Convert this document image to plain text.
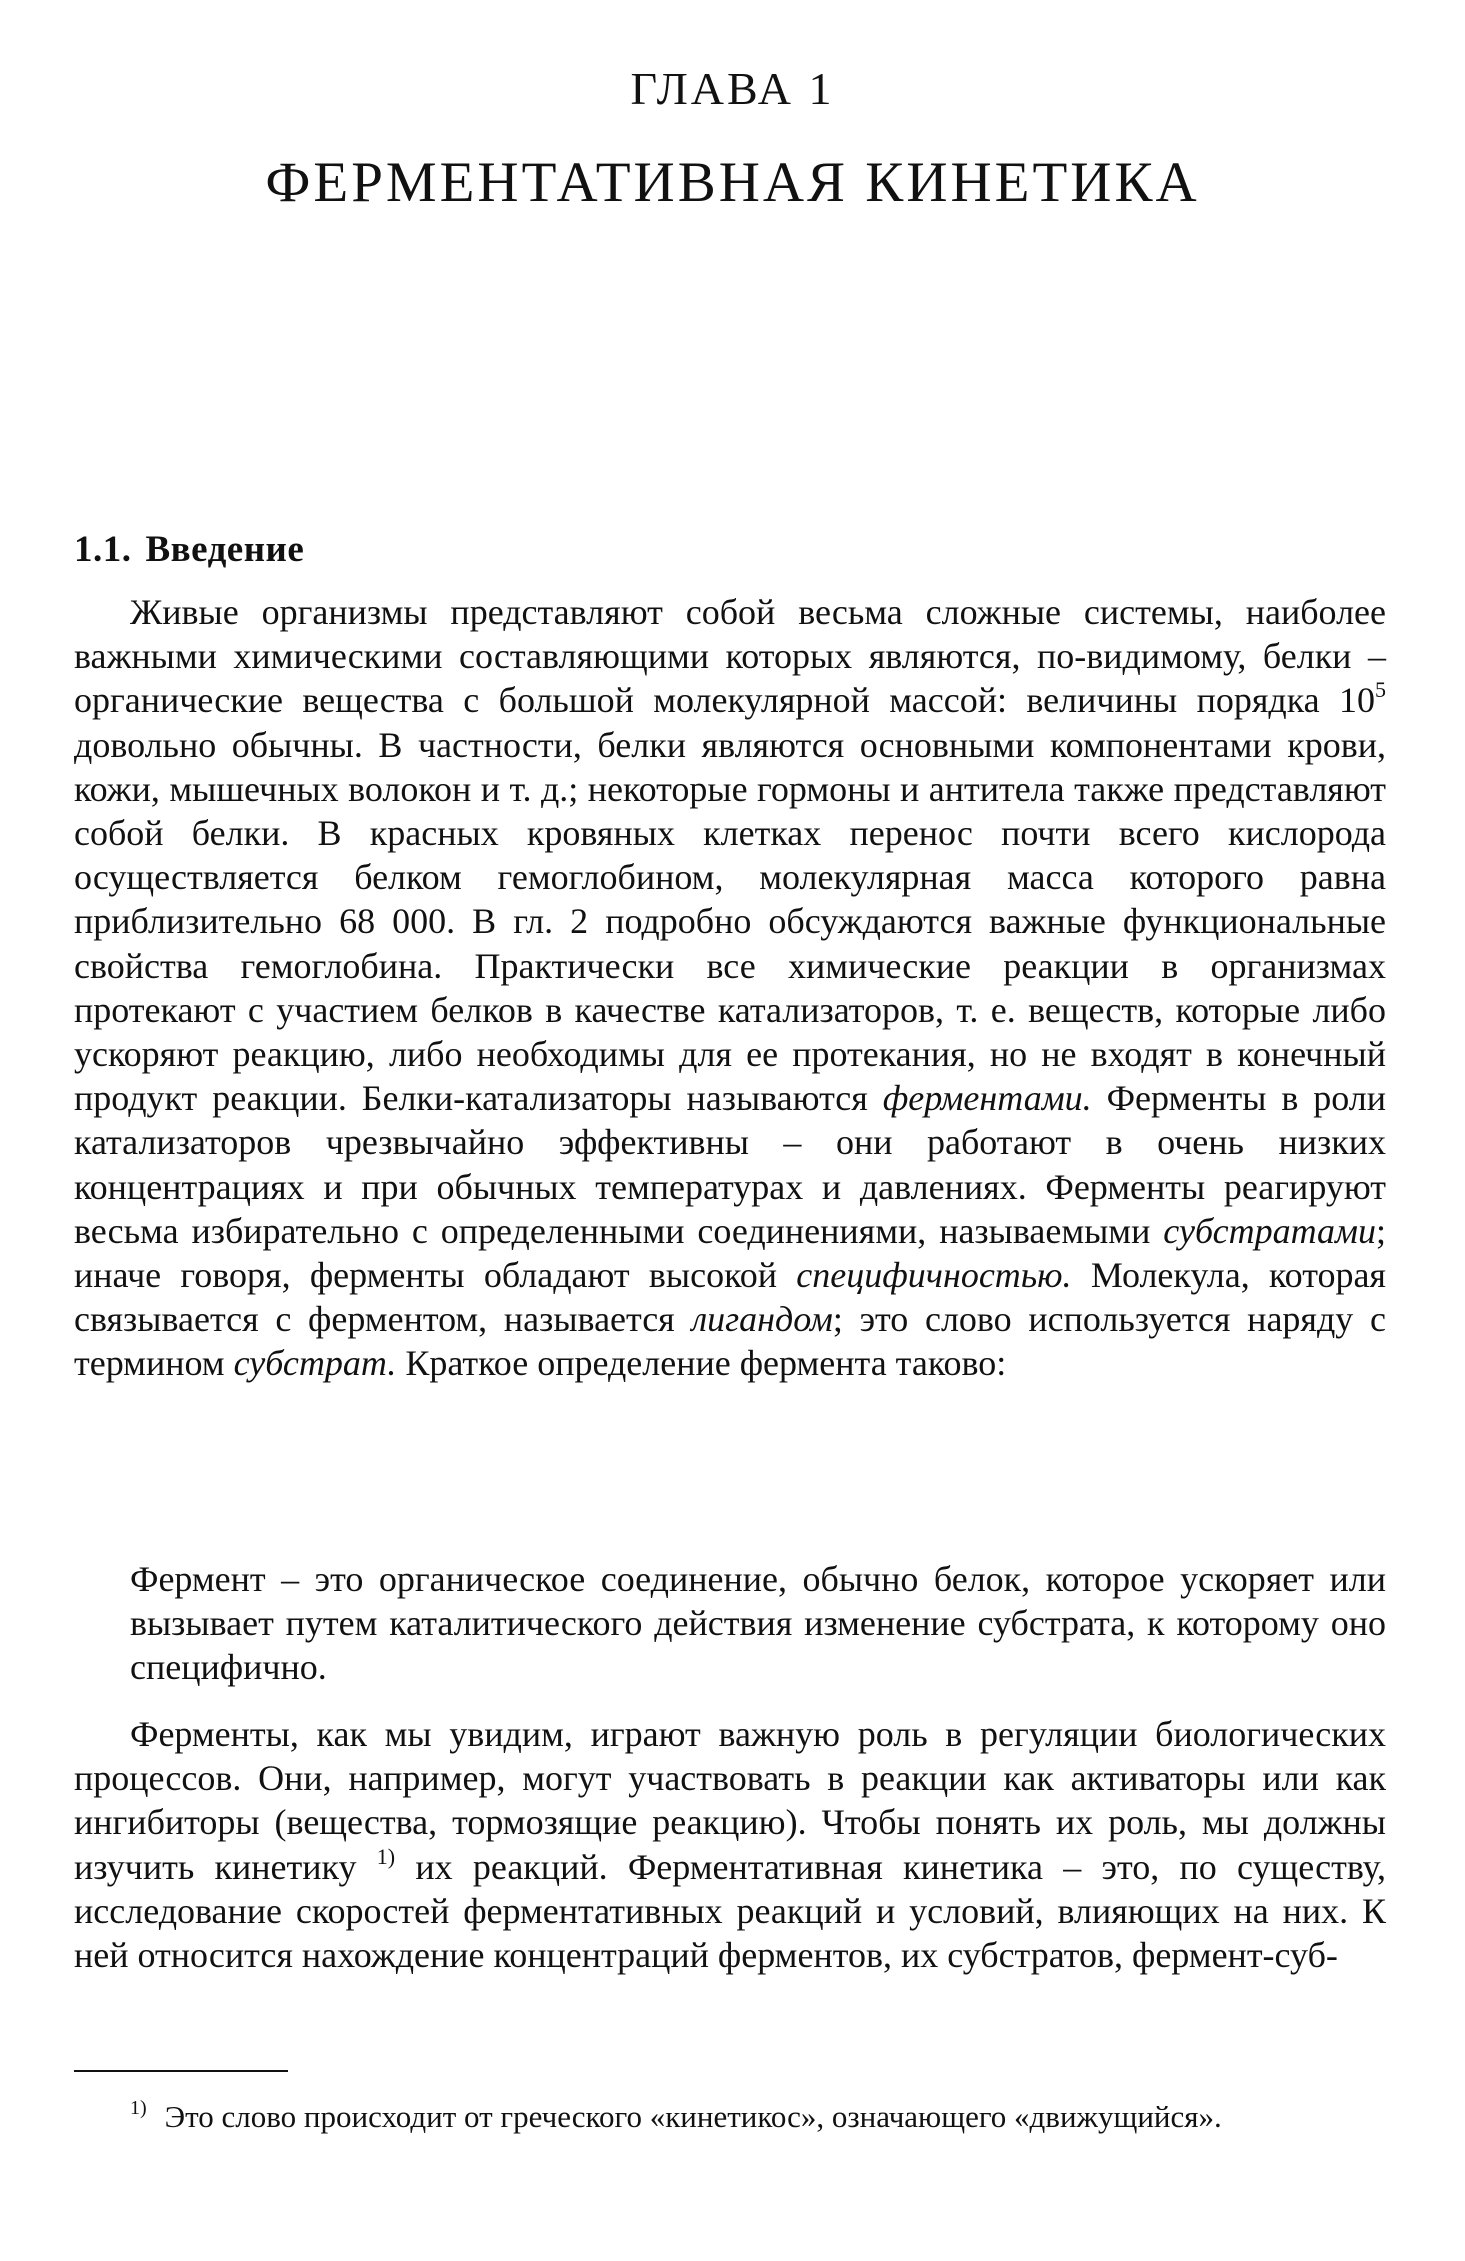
ГЛАВА 1
ФЕРМЕНТАТИВНАЯ КИНЕТИКА
1.1. Введение
Живые организмы представляют собой весьма сложные системы, наиболее важными химическими составляющими которых являются, по-видимому, белки – органические вещества с большой молекулярной массой: величины порядка $10^5$ довольно обычны. В частности, белки являются основными компонентами крови, кожи, мышечных волокон и т. д.; некоторые гормоны и антитела также представляют собой белки. В красных кровяных клетках перенос почти всего кислорода осуществляется белком гемоглобином, молекулярная масса которого равна приблизительно 68 000. В гл. 2 подробно обсуждаются важные функциональные свойства гемоглобина. Практически все химические реакции в организмах протекают с участием белков в качестве катализаторов, т. е. веществ, которые либо ускоряют реакцию, либо необходимы для ее протекания, но не входят в конечный продукт реакции. Белки-катализаторы называются ферментами. Ферменты в роли катализаторов чрезвычайно эффективны – они работают в очень низких концентрациях и при обычных температурах и давлениях. Ферменты реагируют весьма избирательно с определенными соединениями, называемыми субстратами; иначе говоря, ферменты обладают высокой специфичностью. Молекула, которая связывается с ферментом, называется лигандом; это слово используется наряду с термином субстрат. Краткое определение фермента таково:
Фермент – это органическое соединение, обычно белок, которое ускоряет или вызывает путем каталитического действия изменение субстрата, к которому оно специфично.
Ферменты, как мы увидим, играют важную роль в регуляции биологических процессов. Они, например, могут участвовать в реакции как активаторы или как ингибиторы (вещества, тормозящие реакцию). Чтобы понять их роль, мы должны изучить кинетику $^{1)}$ их реакций. Ферментативная кинетика – это, по существу, исследование скоростей ферментативных реакций и условий, влияющих на них. К ней относится нахождение концентраций ферментов, их субстратов, фермент-суб-
$^{1)}$ Это слово происходит от греческого «кинетикос», означающего «движущийся».
